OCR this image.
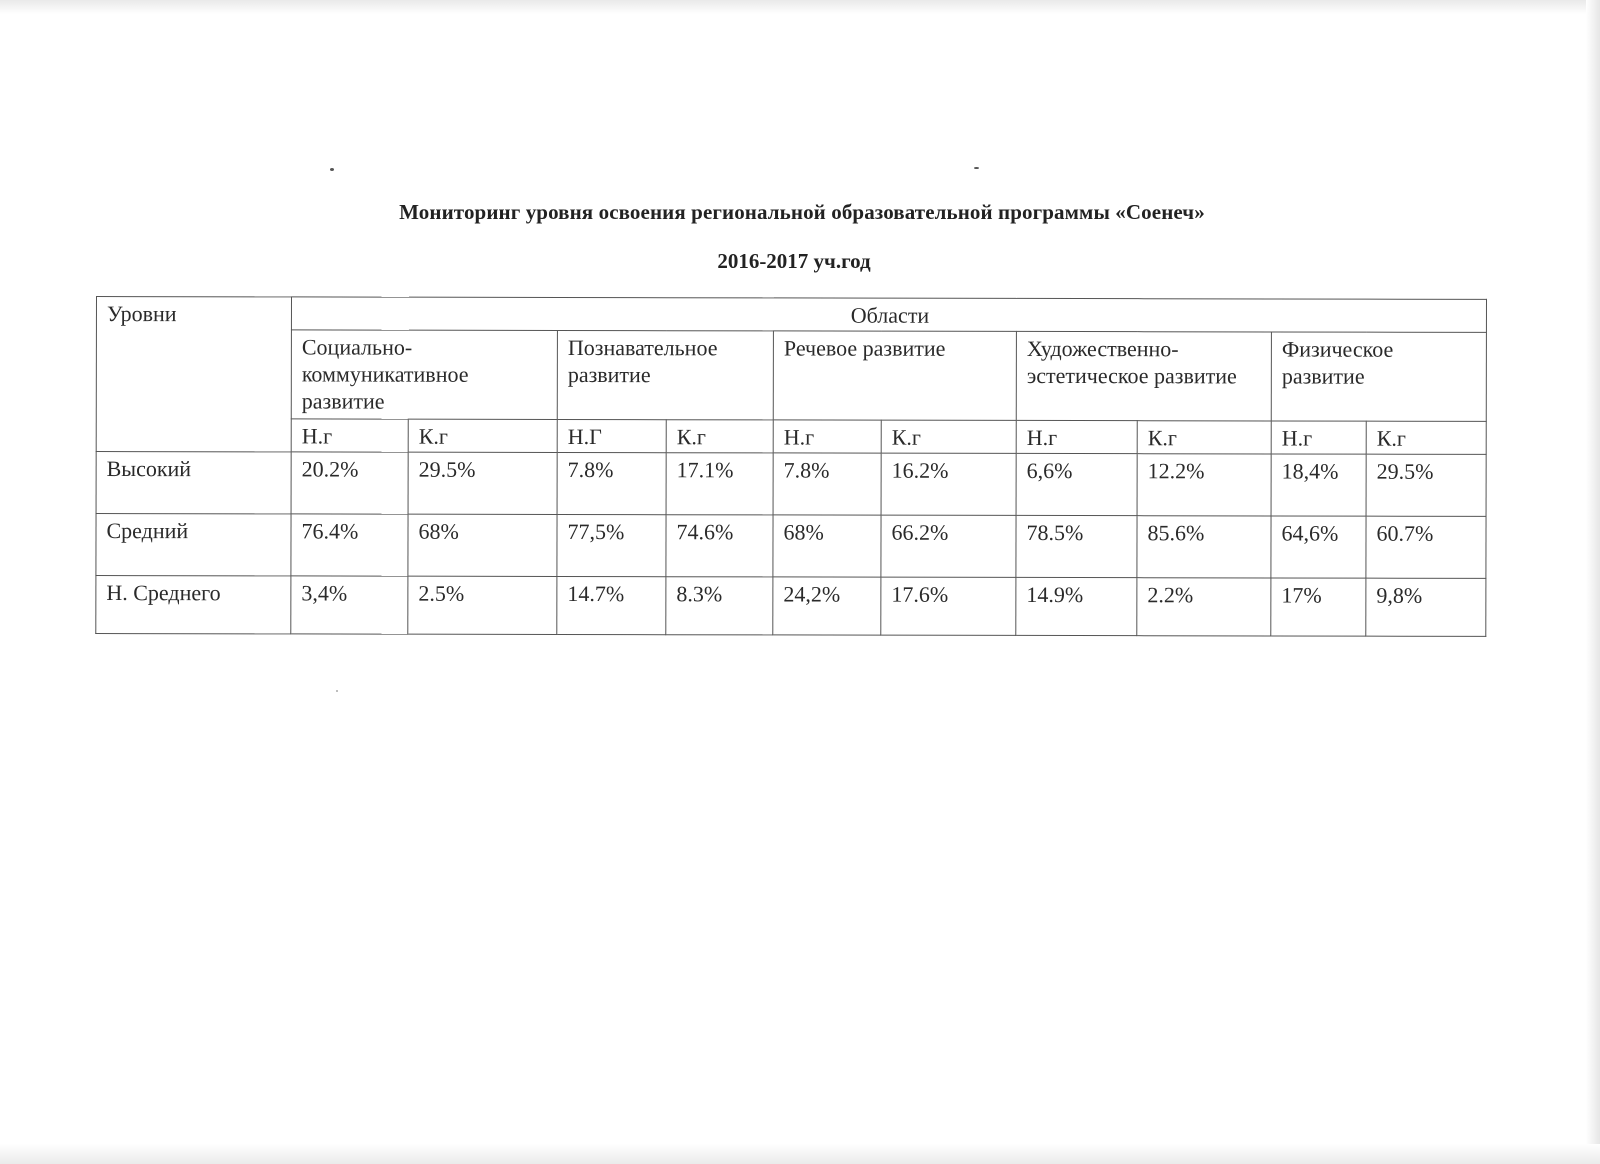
Мониторинг уровня освоения региональной образовательной программы «Соенеч»
2016-2017 уч.год
Уровни	Области									
	Социально-коммуникативное развитие		Познавательное развитие		Речевое развитие		Художественно-эстетическое развитие		Физическое развитие	
	Н.г	К.г	Н.Г	К.г	Н.г	К.г	Н.г	К.г	Н.г	К.г
Высокий	20.2%	29.5%	7.8%	17.1%	7.8%	16.2%	6,6%	12.2%	18,4%	29.5%
Средний	76.4%	68%	77,5%	74.6%	68%	66.2%	78.5%	85.6%	64,6%	60.7%
Н. Среднего	3,4%	2.5%	14.7%	8.3%	24,2%	17.6%	14.9%	2.2%	17%	9,8%
